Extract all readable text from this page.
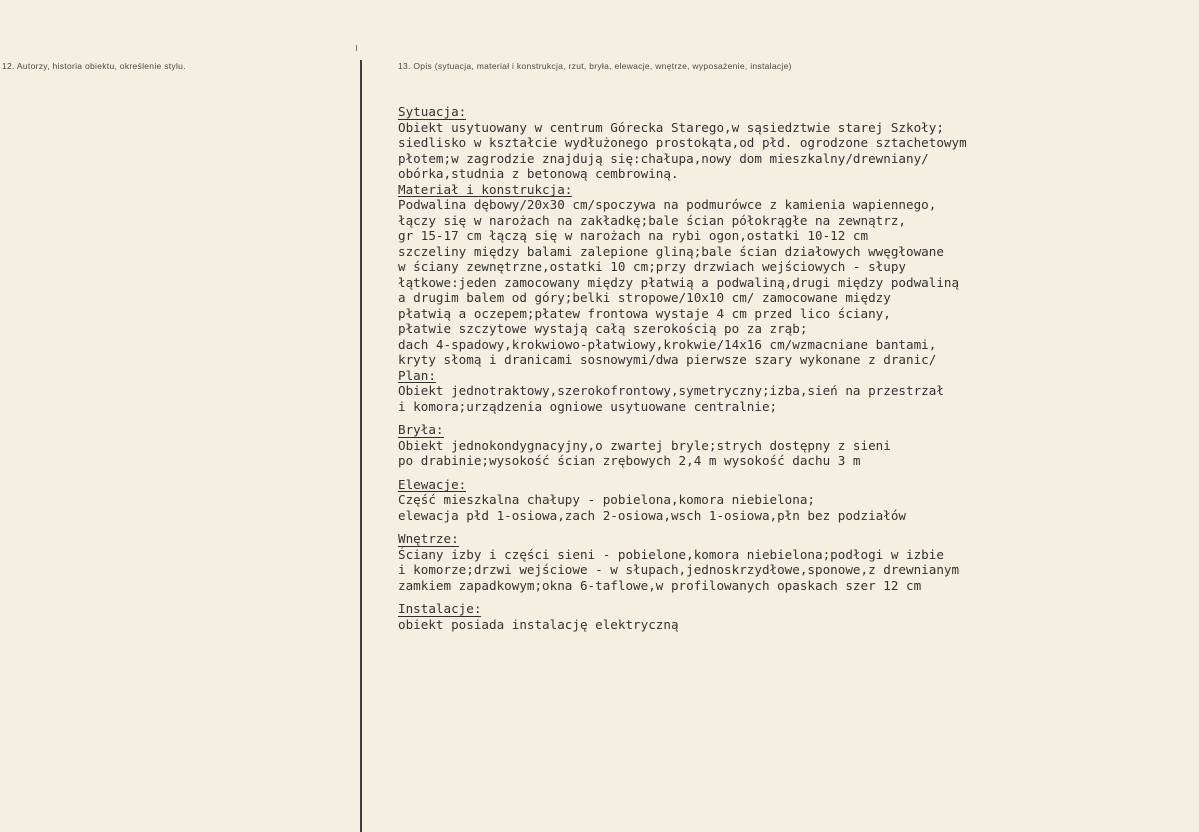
12. Autorzy, historia obiektu, określenie stylu.	13. Opis (sytuacja, materiał i konstrukcja, rzut, bryła, elewacje, wnętrze, wyposażenie, instalacje)
Sytuacja:
Obiekt usytuowany w centrum Górecka Starego,w sąsiedztwie starej Szkoły;
siedlisko w kształcie wydłużonego prostokąta,od płd. ogrodzone sztachetowym
płotem;w zagrodzie znajdują się:chałupa,nowy dom mieszkalny/drewniany/
obórka,studnia z betonową cembrowiną.
Materiał i konstrukcja:
Podwalina dębowy/20x30 cm/spoczywa na podmurówce z kamienia wapiennego,
łączy się w narożach na zakładkę;bale ścian półokrągłe na zewnątrz,
gr 15-17 cm łączą się w narożach na rybi ogon,ostatki 10-12 cm
szczeliny między balami zalepione gliną;bale ścian działowych wwęgłowane
w ściany zewnętrzne,ostatki 10 cm;przy drzwiach wejściowych - słupy
łątkowe:jeden zamocowany między płatwią a podwaliną,drugi między podwaliną
a drugim balem od góry;belki stropowe/10x10 cm/ zamocowane między
płatwią a oczepem;płatew frontowa wystaje 4 cm przed lico ściany,
płatwie szczytowe wystają całą szerokością po za zrąb;
dach 4-spadowy,krokwiowo-płatwiowy,krokwie/14x16 cm/wzmacniane bantami,
kryty słomą i dranicami sosnowymi/dwa pierwsze szary wykonane z dranic/
Plan:
Obiekt jednotraktowy,szerokofrontowy,symetryczny;izba,sień na przestrzał
i komora;urządzenia ogniowe usytuowane centralnie;
Bryła:
Obiekt jednokondygnacyjny,o zwartej bryle;strych dostępny z sieni
po drabinie;wysokość ścian zrębowych 2,4 m wysokość dachu 3 m
Elewacje:
Część mieszkalna chałupy - pobielona,komora niebielona;
elewacja płd 1-osiowa,zach 2-osiowa,wsch 1-osiowa,płn bez podziałów
Wnętrze:
Ściany izby i części sieni - pobielone,komora niebielona;podłogi w izbie
i komorze;drzwi wejściowe - w słupach,jednoskrzydłowe,sponowe,z drewnianym
zamkiem zapadkowym;okna 6-taflowe,w profilowanych opaskach szer 12 cm
Instalacje:
obiekt posiada instalację elektryczną
